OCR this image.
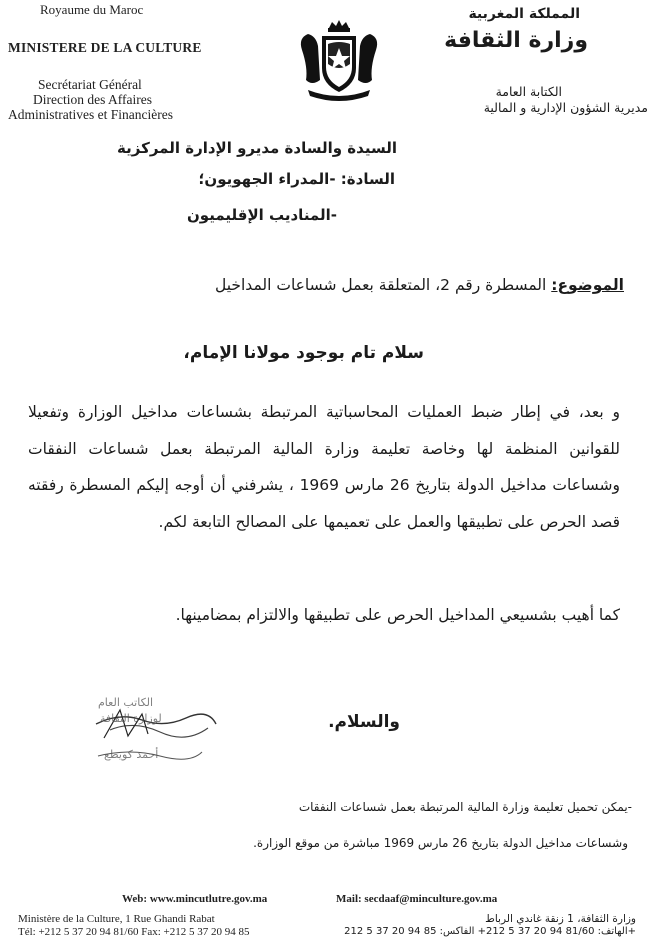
Royaume du Maroc
MINISTERE DE LA CULTURE
Secrétariat Général
Direction des Affaires
Administratives et Financières
المملكة المغربية
وزارة الثقافة
الكتابة العامة
مديرية الشؤون الإدارية و المالية
السيدة والسادة مديرو الإدارة المركزية
السادة: -المدراء الجهويون؛
-المناديب الإقليميون
الموضوع: المسطرة رقم 2، المتعلقة بعمل شساعات المداخيل
سلام تام بوجود مولانا الإمام،
و بعد، في إطار ضبط العمليات المحاسباتية المرتبطة بشساعات مداخيل الوزارة وتفعيلا للقوانين المنظمة لها وخاصة تعليمة وزارة المالية المرتبطة بعمل شساعات النفقات وشساعات مداخيل الدولة بتاريخ 26 مارس 1969 ، يشرفني أن أوجه إليكم المسطرة رفقته قصد الحرص على تطبيقها والعمل على تعميمها على المصالح التابعة لكم.
كما أهيب بشسيعي المداخيل الحرص على تطبيقها والالتزام بمضامينها.
والسلام.
الكاتب العام
لوزارة الثقافة
أحمد كويطع
-يمكن تحميل تعليمة وزارة المالية المرتبطة بعمل شساعات النفقات
وشساعات مداخيل الدولة بتاريخ 26 مارس 1969 مباشرة من موقع الوزارة.
Web: www.mincutlutre.gov.ma	Mail: secdaaf@minculture.gov.ma
Ministère de la Culture, 1 Rue Ghandi Rabat
Tél: +212 5 37 20 94 81/60 Fax: +212 5 37 20 94 85
وزارة الثقافة، 1 زنقة غاندي الرباط
الهاتف: 81/60 94 20 37 5 212+ الفاكس: 85 94 20 37 5 212+
